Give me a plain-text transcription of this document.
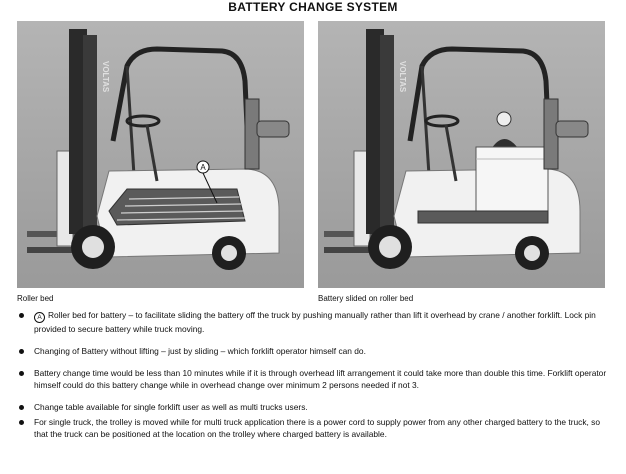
BATTERY CHANGE SYSTEM
VOLTAS
A
VOLTAS
Roller bed	Battery slided on roller bed
A Roller bed for battery – to facilitate sliding the battery off the truck by pushing manually rather than lift it overhead by crane / another forklift. Lock pin provided to secure battery while truck moving.
Changing of Battery without lifting – just by sliding – which forklift operator himself can do.
Battery change time would be less than 10 minutes while if it is through overhead lift arrangement it could take more than double this time. Forklift operator himself could do this battery change while in overhead change over minimum 2 persons needed if not 3.
Change table available for single forklift user as well as multi trucks users.
For single truck, the trolley is moved while for multi truck application there is a power cord to supply power from any other charged battery to the truck, so that the truck can be positioned at the location on the trolley where charged battery is available.
